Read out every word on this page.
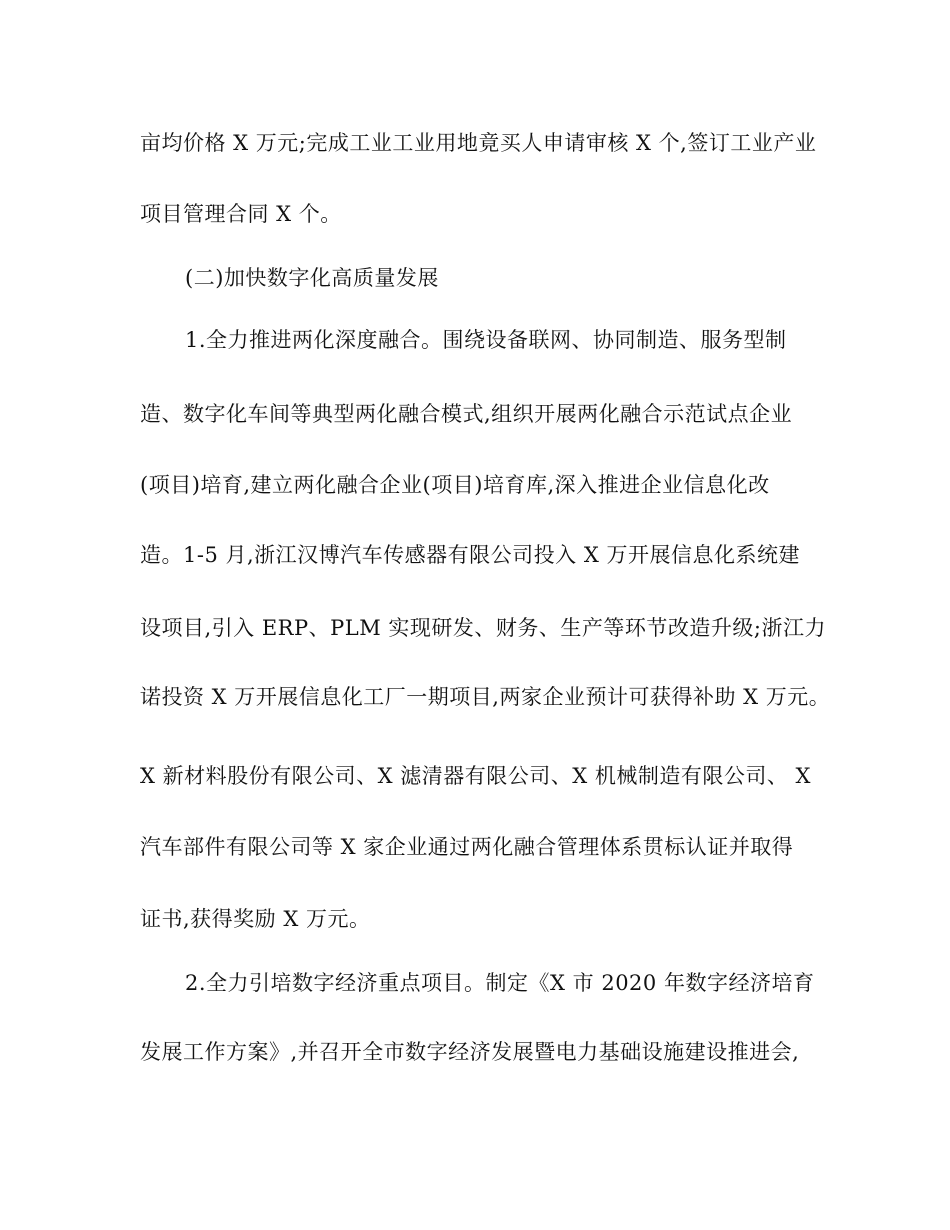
亩均价格 X 万元;完成工业工业用地竟买人申请审核 X 个,签订工业产业
项目管理合同 X 个。
(二)加快数字化高质量发展
1.全力推进两化深度融合。围绕设备联网、协同制造、服务型制
造、数字化车间等典型两化融合模式,组织开展两化融合示范试点企业
(项目)培育,建立两化融合企业(项目)培育库,深入推进企业信息化改
造。1-5 月,浙江汉博汽车传感器有限公司投入 X 万开展信息化系统建
设项目,引入 ERP、PLM 实现研发、财务、生产等环节改造升级;浙江力
诺投资 X 万开展信息化工厂一期项目,两家企业预计可获得补助 X 万元。
X 新材料股份有限公司、X 滤清器有限公司、X 机械制造有限公司、 X
汽车部件有限公司等 X 家企业通过两化融合管理体系贯标认证并取得
证书,获得奖励 X 万元。
2.全力引培数字经济重点项目。制定《X 市 2020 年数字经济培育
发展工作方案》,并召开全市数字经济发展暨电力基础设施建设推进会,
